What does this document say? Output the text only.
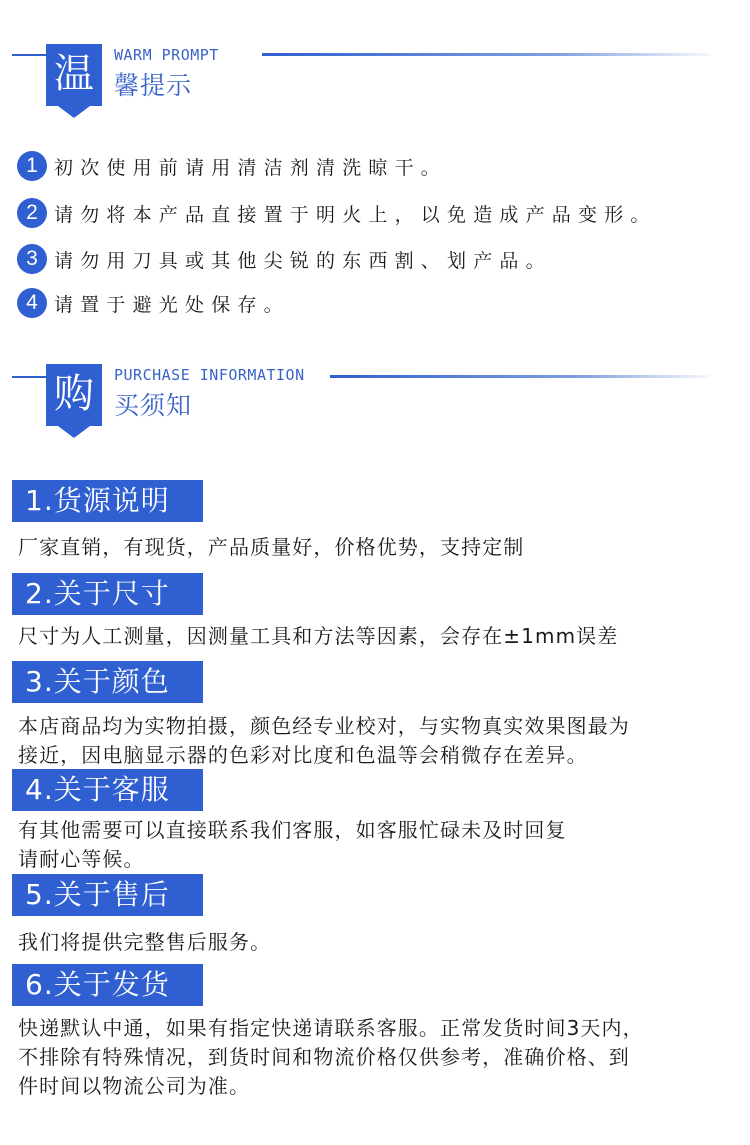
温	WARM PROMPT
馨提示
1 初次使用前请用清洁剂清洗晾干。
2 请勿将本产品直接置于明火上，以免造成产品变形。
3 请勿用刀具或其他尖锐的东西割、划产品。
4 请置于避光处保存。
购	PURCHASE INFORMATION
买须知
1.货源说明
厂家直销，有现货，产品质量好，价格优势，支持定制
2.关于尺寸
尺寸为人工测量，因测量工具和方法等因素，会存在±1mm误差
3.关于颜色
本店商品均为实物拍摄，颜色经专业校对，与实物真实效果图最为
接近，因电脑显示器的色彩对比度和色温等会稍微存在差异。
4.关于客服
有其他需要可以直接联系我们客服，如客服忙碌未及时回复
请耐心等候。
5.关于售后
我们将提供完整售后服务。
6.关于发货
快递默认中通，如果有指定快递请联系客服。正常发货时间3天内，
不排除有特殊情况，到货时间和物流价格仅供参考，准确价格、到
件时间以物流公司为准。
